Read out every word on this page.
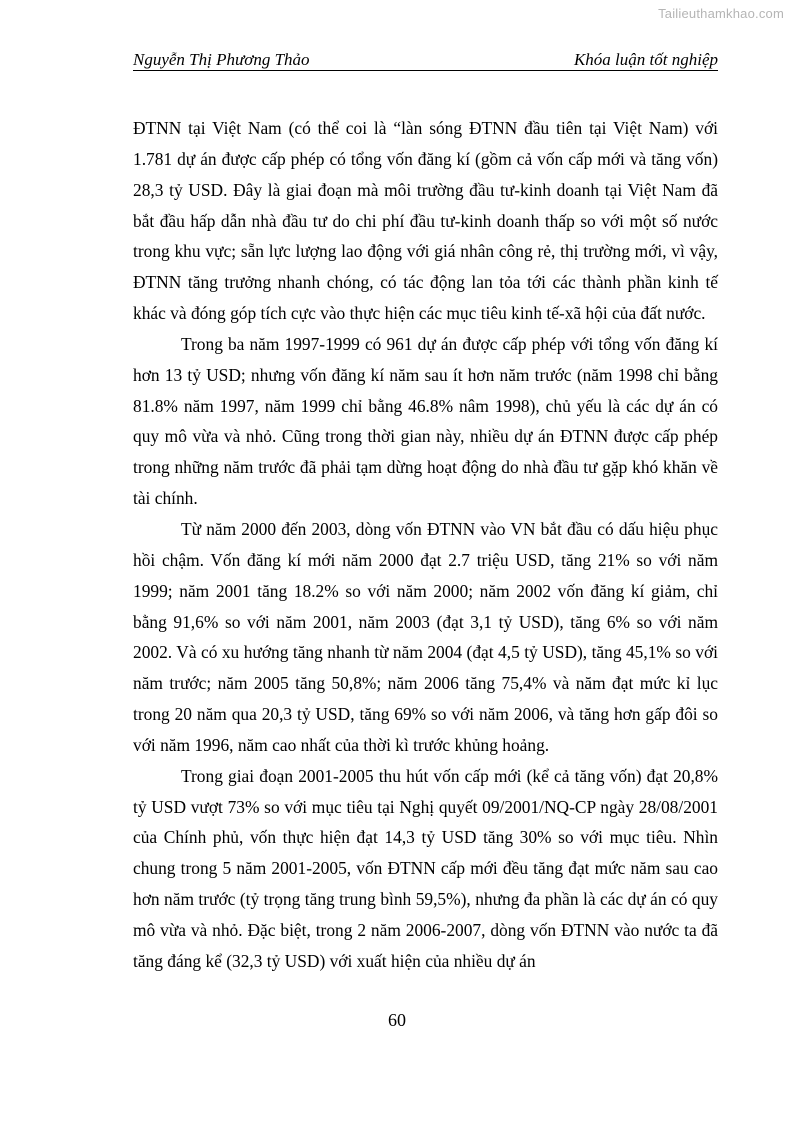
Tailieuthamkhao.com
Nguyễn Thị Phương Thảo	Khóa luận tốt nghiệp

ĐTNN tại Việt Nam (có thể coi là “làn sóng ĐTNN đầu tiên tại Việt Nam) với 1.781 dự án được cấp phép có tổng vốn đăng kí (gồm cả vốn cấp mới và tăng vốn) 28,3 tỷ USD. Đây là giai đoạn mà môi trường đầu tư-kinh doanh tại Việt Nam đã bắt đầu hấp dẫn nhà đầu tư do chi phí đầu tư-kinh doanh thấp so với một số nước trong khu vực; sẵn lực lượng lao động với giá nhân công rẻ, thị trường mới, vì vậy, ĐTNN tăng trưởng nhanh chóng, có tác động lan tỏa tới các thành phần kinh tế khác và đóng góp tích cực vào thực hiện các mục tiêu kinh tế-xã hội của đất nước.

Trong ba năm 1997-1999 có 961 dự án được cấp phép với tổng vốn đăng kí hơn 13 tỷ USD; nhưng vốn đăng kí năm sau ít hơn năm trước (năm 1998 chỉ bằng 81.8% năm 1997, năm 1999 chỉ bằng 46.8% nâm 1998), chủ yếu là các dự án có quy mô vừa và nhỏ. Cũng trong thời gian này, nhiều dự án ĐTNN được cấp phép trong những năm trước đã phải tạm dừng hoạt động do nhà đầu tư gặp khó khăn về tài chính.

Từ năm 2000 đến 2003, dòng vốn ĐTNN vào VN bắt đầu có dấu hiệu phục hồi chậm. Vốn đăng kí mới năm 2000 đạt 2.7 triệu USD, tăng 21% so với năm 1999; năm 2001 tăng 18.2% so với năm 2000; năm 2002 vốn đăng kí giảm, chỉ bằng 91,6% so với năm 2001, năm 2003 (đạt 3,1 tỷ USD), tăng 6% so với năm 2002. Và có xu hướng tăng nhanh từ năm 2004 (đạt 4,5 tỷ USD), tăng 45,1% so với năm trước; năm 2005 tăng 50,8%; năm 2006 tăng 75,4% và năm đạt mức kỉ lục trong 20 năm qua 20,3 tỷ USD, tăng 69% so với năm 2006, và tăng hơn gấp đôi so với năm 1996, năm cao nhất của thời kì trước khủng hoảng.

Trong giai đoạn 2001-2005 thu hút vốn cấp mới (kể cả tăng vốn) đạt 20,8% tỷ USD vượt 73% so với mục tiêu tại Nghị quyết 09/2001/NQ-CP ngày 28/08/2001 của Chính phủ, vốn thực hiện đạt 14,3 tỷ USD tăng 30% so với mục tiêu. Nhìn chung trong 5 năm 2001-2005, vốn ĐTNN cấp mới đều tăng đạt mức năm sau cao hơn năm trước (tỷ trọng tăng trung bình 59,5%), nhưng đa phần là các dự án có quy mô vừa và nhỏ. Đặc biệt, trong 2 năm 2006-2007, dòng vốn ĐTNN vào nước ta đã tăng đáng kể (32,3 tỷ USD) với xuất hiện của nhiều dự án

60
